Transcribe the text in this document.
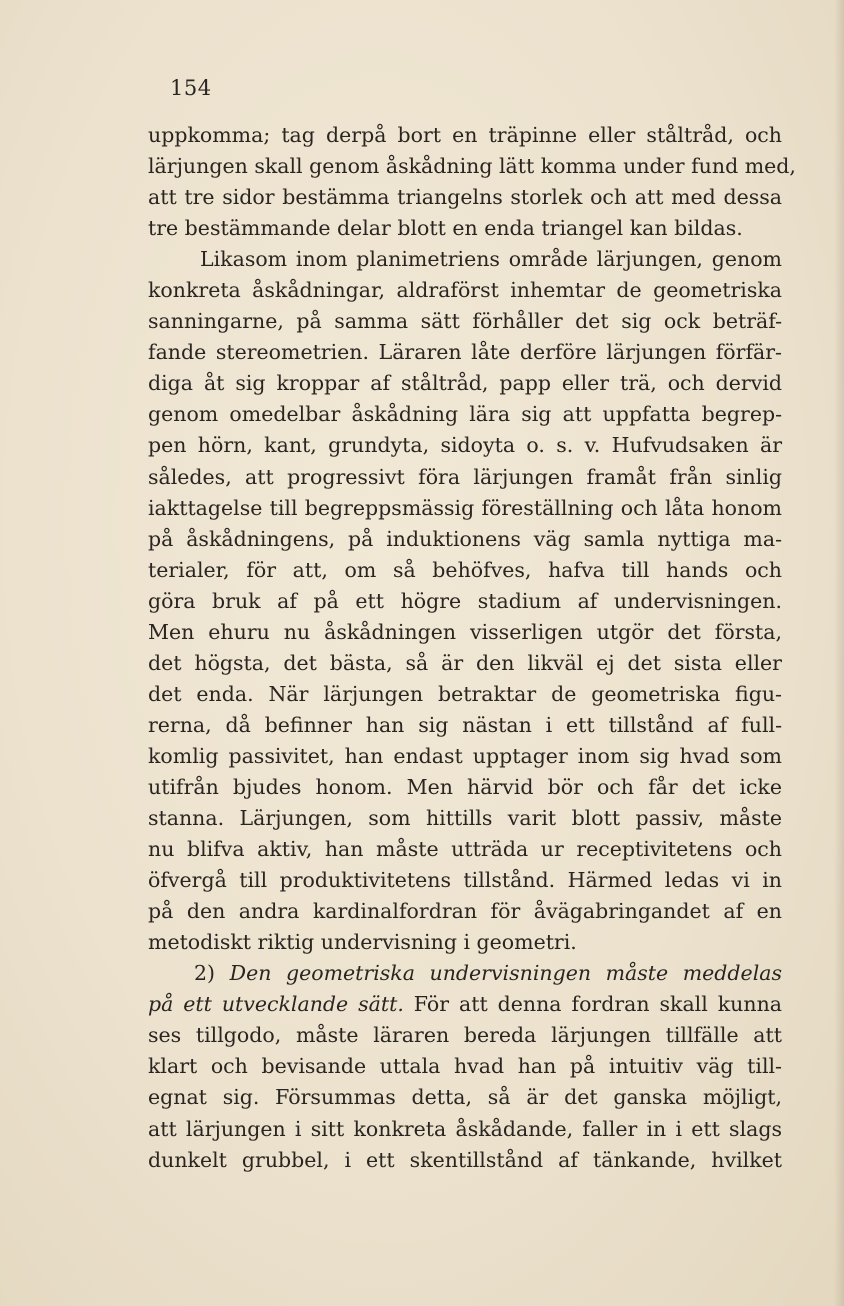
154
uppkomma; tag derpå bort en träpinne eller ståltråd, och
lärjungen skall genom åskådning lätt komma under fund med,
att tre sidor bestämma triangelns storlek och att med dessa
tre bestämmande delar blott en enda triangel kan bildas.
Likasom inom planimetriens område lärjungen, genom
konkreta åskådningar, aldraförst inhemtar de geometriska
sanningarne, på samma sätt förhåller det sig ock beträf-
fande stereometrien. Läraren låte derföre lärjungen förfär-
diga åt sig kroppar af ståltråd, papp eller trä, och dervid
genom omedelbar åskådning lära sig att uppfatta begrep-
pen hörn, kant, grundyta, sidoyta o. s. v. Hufvudsaken är
således, att progressivt föra lärjungen framåt från sinlig
iakttagelse till begreppsmässig föreställning och låta honom
på åskådningens, på induktionens väg samla nyttiga ma-
terialer, för att, om så behöfves, hafva till hands och
göra bruk af på ett högre stadium af undervisningen.
Men ehuru nu åskådningen visserligen utgör det första,
det högsta, det bästa, så är den likväl ej det sista eller
det enda. När lärjungen betraktar de geometriska figu-
rerna, då befinner han sig nästan i ett tillstånd af full-
komlig passivitet, han endast upptager inom sig hvad som
utifrån bjudes honom. Men härvid bör och får det icke
stanna. Lärjungen, som hittills varit blott passiv, måste
nu blifva aktiv, han måste utträda ur receptivitetens och
öfvergå till produktivitetens tillstånd. Härmed ledas vi in
på den andra kardinalfordran för åvägabringandet af en
metodiskt riktig undervisning i geometri.
2) Den geometriska undervisningen måste meddelas
på ett utvecklande sätt. För att denna fordran skall kunna
ses tillgodo, måste läraren bereda lärjungen tillfälle att
klart och bevisande uttala hvad han på intuitiv väg till-
egnat sig. Försummas detta, så är det ganska möjligt,
att lärjungen i sitt konkreta åskådande, faller in i ett slags
dunkelt grubbel, i ett skentillstånd af tänkande, hvilket
